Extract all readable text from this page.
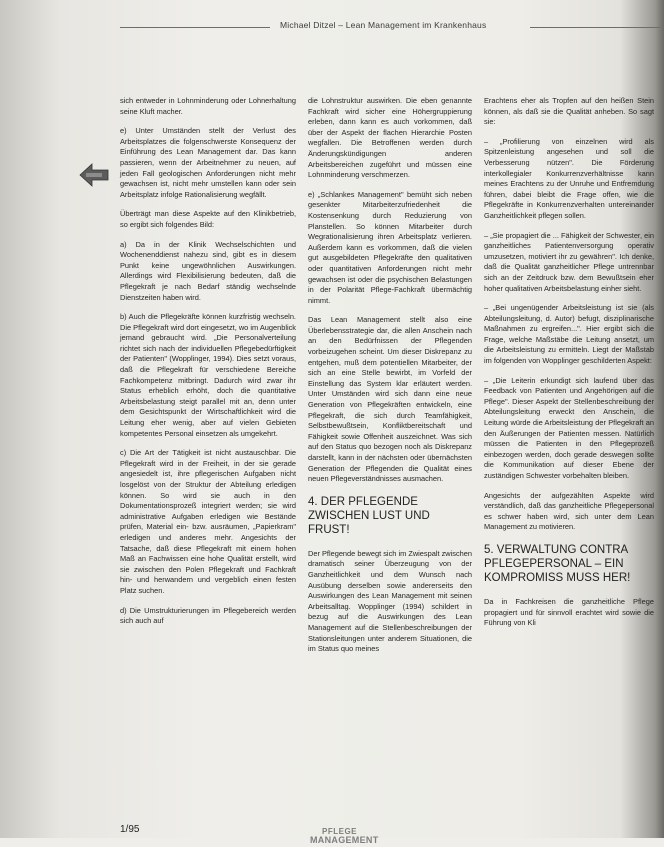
Michael Ditzel – Lean Management im Krankenhaus

sich entweder in Lohnminderung oder Lohnerhaltung seine Kluft macher.

e) Unter Umständen stellt der Verlust des Arbeitsplatzes die folgenschwerste Konsequenz der Einführung des Lean Management dar. Das kann passieren, wenn der Arbeitnehmer zu neuen, auf jeden Fall geologischen Anforderungen nicht mehr gewachsen ist, nicht mehr umstellen kann oder sein Arbeitsplatz infolge Rationalisierung wegfällt.

Überträgt man diese Aspekte auf den Klinikbetrieb, so ergibt sich folgendes Bild:

a) Da in der Klinik Wechselschichten und Wochenenddienst nahezu sind, gibt es in diesem Punkt keine ungewöhnlichen Auswirkungen. Allerdings wird Flexibilisierung bedeuten, daß die Pflegekraft je nach Bedarf ständig wechselnde Dienstzeiten haben wird.

b) Auch die Pflegekräfte können kurzfristig wechseln. Die Pflegekraft wird dort eingesetzt, wo im Augenblick jemand gebraucht wird. „Die Personalverteilung richtet sich nach der individuellen Pflegebedürftigkeit der Patienten" (Wopplinger, 1994). Dies setzt voraus, daß die Pflegekraft für verschiedene Bereiche Fachkompetenz mitbringt. Dadurch wird zwar ihr Status erheblich erhöht, doch die quantitative Arbeitsbelastung steigt parallel mit an, denn unter dem Gesichtspunkt der Wirtschaftlichkeit wird die Leitung eher wenig, aber auf vielen Gebieten kompetentes Personal einsetzen als umgekehrt.

c) Die Art der Tätigkeit ist nicht austauschbar. Die Pflegekraft wird in der Freiheit, in der sie gerade angesiedelt ist, ihre pflegerischen Aufgaben nicht losgelöst von der Struktur der Abteilung erledigen können. So wird sie auch in den Dokumentationsprozeß integriert werden; sie wird administrative Aufgaben erledigen wie Bestände prüfen, Material ein- bzw. ausräumen, „Papierkram" erledigen und anderes mehr. Angesichts der Tatsache, daß diese Pflegekraft mit einem hohen Maß an Fachwissen eine hohe Qualität erstellt, wird sie zwischen den Polen Pflegekraft und Fachkraft hin- und herwandern und vergeblich einen festen Platz suchen.

d) Die Umstrukturierungen im Pflegebereich werden sich auch auf

die Lohnstruktur auswirken. Die eben genannte Fachkraft wird sicher eine Höhergruppierung erleben, dann kann es auch vorkommen, daß über der Aspekt der flachen Hierarchie Posten wegfallen. Die Betroffenen werden durch Änderungskündigungen anderen Arbeitsbereichen zugeführt und müssen eine Lohnminderung verschmerzen.

e) „Schlankes Management" bemüht sich neben gesenkter Mitarbeiterzufriedenheit die Kostensenkung durch Reduzierung von Planstellen. So können Mitarbeiter durch Wegrationalisierung ihren Arbeitsplatz verlieren. Außerdem kann es vorkommen, daß die vielen gut ausgebildeten Pflegekräfte den qualitativen oder quantitativen Anforderungen nicht mehr gewachsen ist oder die psychischen Belastungen in der Polarität Pflege-Fachkraft übermächtig nimmt.

Das Lean Management stellt also eine Überlebensstrategie dar, die allen Anschein nach an den Bedürfnissen der Pflegenden vorbeizugehen scheint. Um dieser Diskrepanz zu entgehen, muß dem potentiellen Mitarbeiter, der sich an eine Stelle bewirbt, im Vorfeld der Einstellung das System klar erläutert werden. Unter Umständen wird sich dann eine neue Generation von Pflegekräften entwickeln, eine Pflegekraft, die sich durch Teamfähigkeit, Selbstbewußtsein, Konfliktbereitschaft und Fähigkeit sowie Offenheit auszeichnet. Was sich auf den Status quo bezogen noch als Diskrepanz darstellt, kann in der nächsten oder übernächsten Generation der Pflegenden die Qualität eines neuen Pflegeverständnisses ausmachen.

4. DER PFLEGENDE ZWISCHEN LUST UND FRUST!

Der Pflegende bewegt sich im Zwiespalt zwischen dramatisch seiner Überzeugung von der Ganzheitlichkeit und dem Wunsch nach Ausübung derselben sowie andererseits den Auswirkungen des Lean Management mit seinen Arbeitsalltag. Wopplinger (1994) schildert in bezug auf die Auswirkungen des Lean Management auf die Stellenbeschreibungen der Stationsleitungen unter anderem Situationen, die im Status quo meines

Erachtens eher als Tropfen auf den heißen Stein können, als daß sie die Qualität anheben. So sagt sie:

– „Profilierung von einzelnen wird als Spitzenleistung angesehen und soll die Verbesserung nützen". Die Förderung interkollegialer Konkurrenzverhältnisse kann meines Erachtens zu der Unruhe und Entfremdung führen, dabei bleibt die Frage offen, wie die Pflegekräfte in Konkurrenzverhalten untereinander Ganzheitlichkeit pflegen sollen.

– „Sie propagiert die ... Fähigkeit der Schwester, ein ganzheitliches Patientenversorgung operativ umzusetzen, motiviert ihr zu gewähren". Ich denke, daß die Qualität ganzheitlicher Pflege untrennbar sich an der Zeitdruck bzw. dem Bewußtsein eher hoher qualitativen Arbeitsbelastung einher sieht.

– „Bei ungenügender Arbeitsleistung ist sie (als Abteilungsleitung, d. Autor) befugt, disziplinarische Maßnahmen zu ergreifen...". Hier ergibt sich die Frage, welche Maßstäbe die Leitung ansetzt, um die Arbeitsleistung zu ermitteln. Liegt der Maßstab im folgenden von Wopplinger geschilderten Aspekt:

– „Die Leiterin erkundigt sich laufend über das Feedback von Patienten und Angehörigen auf die Pflege". Dieser Aspekt der Stellenbeschreibung der Abteilungsleitung erweckt den Anschein, die Leitung würde die Arbeitsleistung der Pflegekraft an den Äußerungen der Patienten messen. Natürlich müssen die Patienten in den Pflegeprozeß einbezogen werden, doch gerade deswegen sollte die Kommunikation auf dieser Ebene der zuständigen Schwester vorbehalten bleiben.

Angesichts der aufgezählten Aspekte wird verständlich, daß das ganzheitliche Pflegepersonal es schwer haben wird, sich unter dem Lean Management zu motivieren.

5. VERWALTUNG CONTRA PFLEGEPERSONAL – EIN KOMPROMISS MUSS HER!

Da in Fachkreisen die ganzheitliche Pflege propagiert und für sinnvoll erachtet wird sowie die Führung von Kli

1/95	PFLEGE
MANAGEMENT
